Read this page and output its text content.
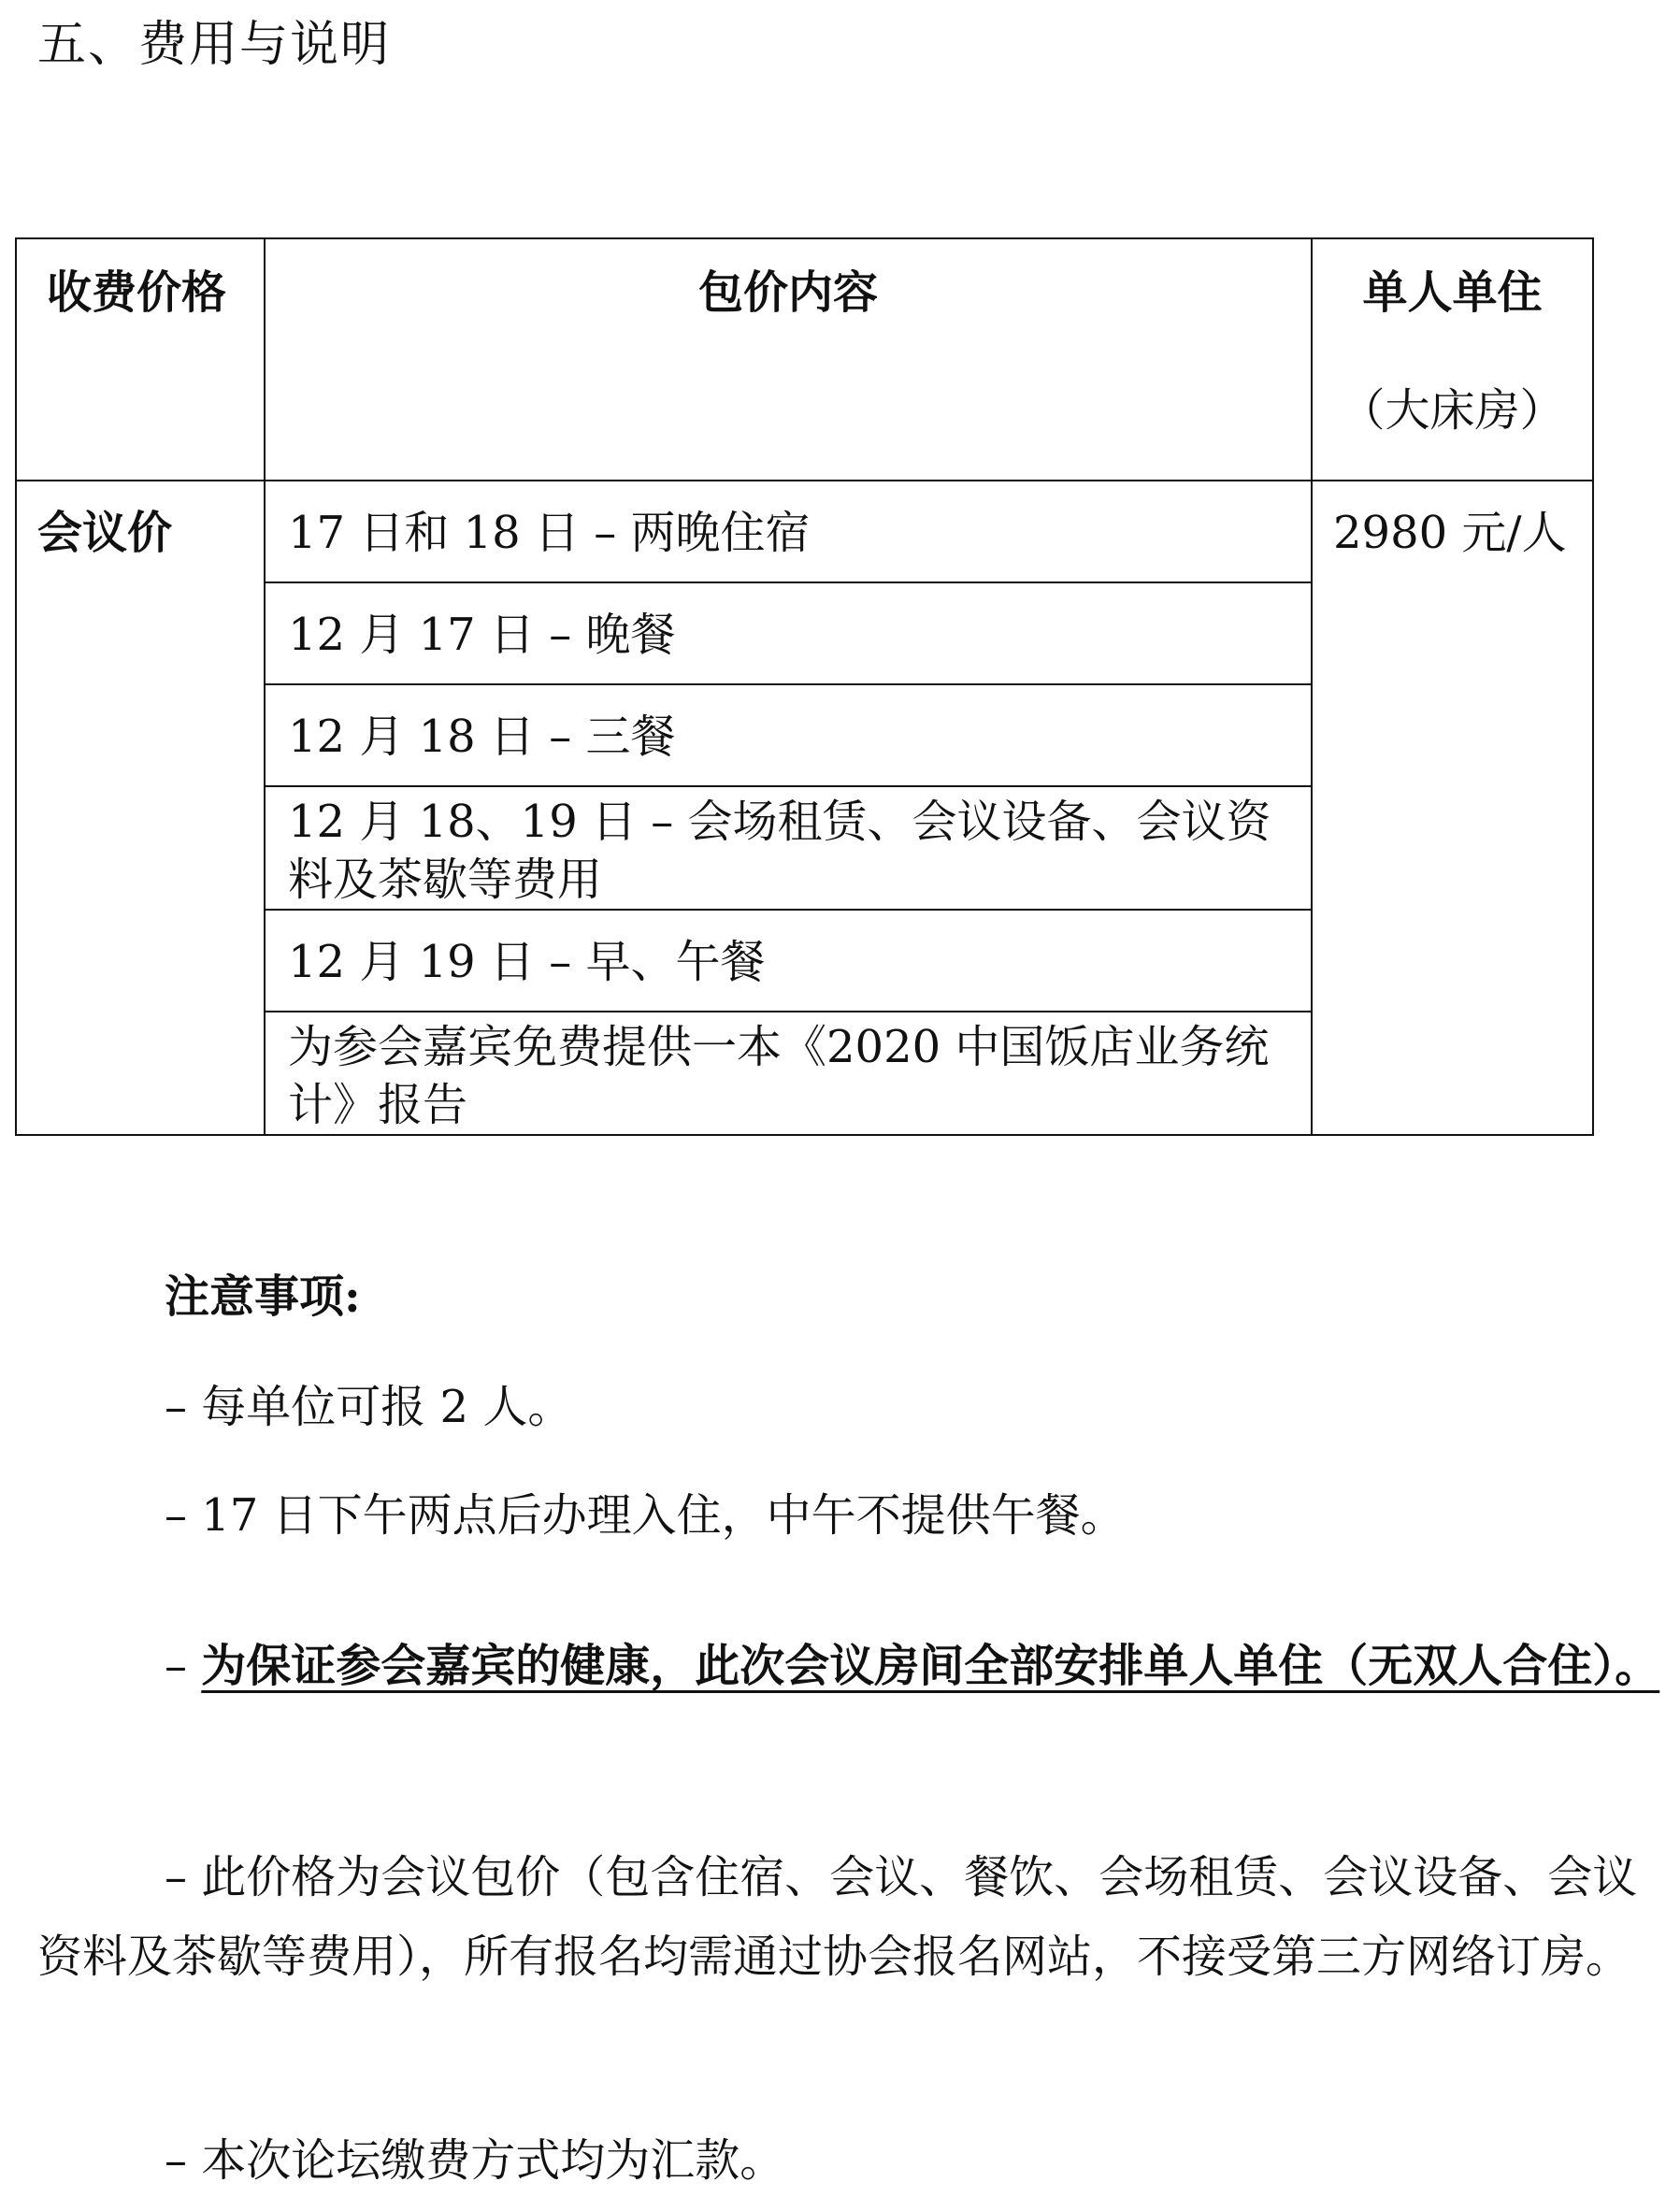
五、费用与说明
收费价格	包价内容	单人单住
（大床房）

会议价	17 日和 18 日 – 两晚住宿	2980 元/人
	12 月 17 日 – 晚餐	
	12 月 18 日 – 三餐	
	12 月 18、19 日 – 会场租赁、会议设备、会议资料及茶歇等费用	
	12 月 19 日 – 早、午餐	
	为参会嘉宾免费提供一本《2020 中国饭店业务统计》报告	
注意事项:
– 每单位可报 2 人。
– 17 日下午两点后办理入住，中午不提供午餐。
– 为保证参会嘉宾的健康，此次会议房间全部安排单人单住（无双人合住）。
– 此价格为会议包价（包含住宿、会议、餐饮、会场租赁、会议设备、会议资料及茶歇等费用），所有报名均需通过协会报名网站，不接受第三方网络订房。
– 本次论坛缴费方式均为汇款。
